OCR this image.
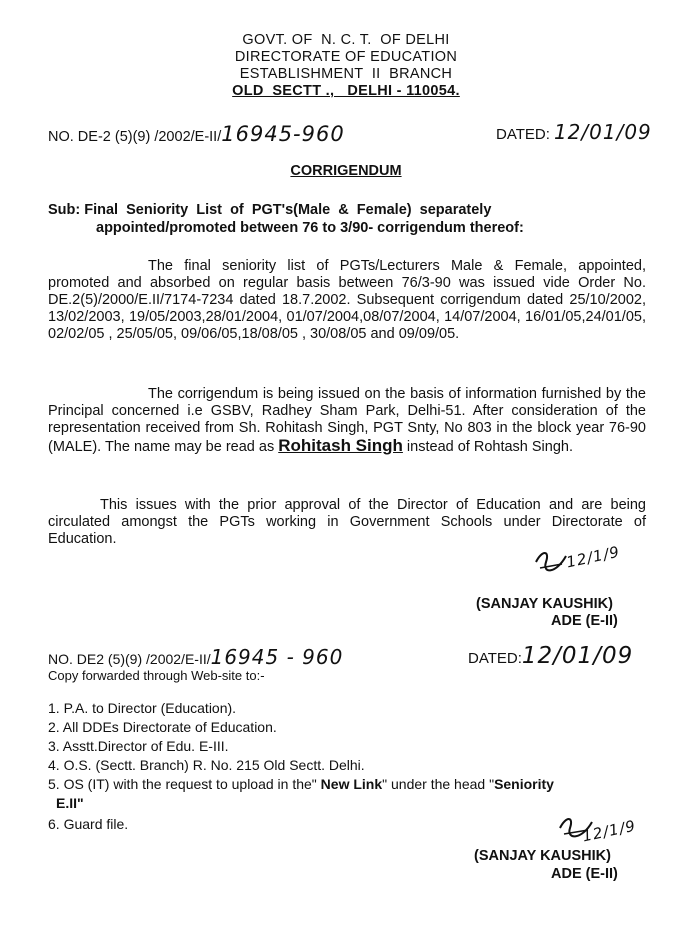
GOVT. OF  N. C. T.  OF DELHI
DIRECTORATE OF EDUCATION
ESTABLISHMENT  II  BRANCH
OLD  SECTT .,   DELHI - 110054.
NO. DE-2 (5)(9) /2002/E-II/16945-960	DATED: 12/01/09
CORRIGENDUM
Sub: Final  Seniority  List  of  PGT's(Male  &  Female)  separately
appointed/promoted between 76 to 3/90- corrigendum thereof:
The final seniority list of PGTs/Lecturers Male & Female, appointed, promoted and absorbed on regular basis between 76/3-90 was issued vide Order No. DE.2(5)/2000/E.II/7174-7234 dated 18.7.2002. Subsequent corrigendum dated 25/10/2002, 13/02/2003, 19/05/2003,28/01/2004, 01/07/2004,08/07/2004, 14/07/2004, 16/01/05,24/01/05, 02/02/05 , 25/05/05, 09/06/05,18/08/05 , 30/08/05 and 09/09/05.
The corrigendum is being issued on the basis of information furnished by the Principal concerned i.e GSBV, Radhey Sham Park, Delhi-51. After consideration of the representation received from Sh. Rohitash Singh, PGT Snty, No 803 in the block year 76-90 (MALE). The name may be read as Rohitash Singh instead of Rohtash Singh.
This issues with the prior approval of the Director of Education and are being circulated amongst the PGTs working in Government Schools under Directorate of Education.
12/1/9
(SANJAY KAUSHIK)
ADE (E-II)
NO. DE2 (5)(9) /2002/E-II/16945 - 960	DATED:12/01/09
Copy forwarded through Web-site to:-
1. P.A. to Director (Education).
2. All DDEs Directorate of Education.
3. Asstt.Director of Edu. E-III.
4. O.S. (Sectt. Branch) R. No. 215 Old Sectt. Delhi.
5. OS (IT) with the request to upload in the" New Link" under the head "Seniority
E.II"
6. Guard file.	12/1/9
(SANJAY KAUSHIK)
ADE (E-II)
